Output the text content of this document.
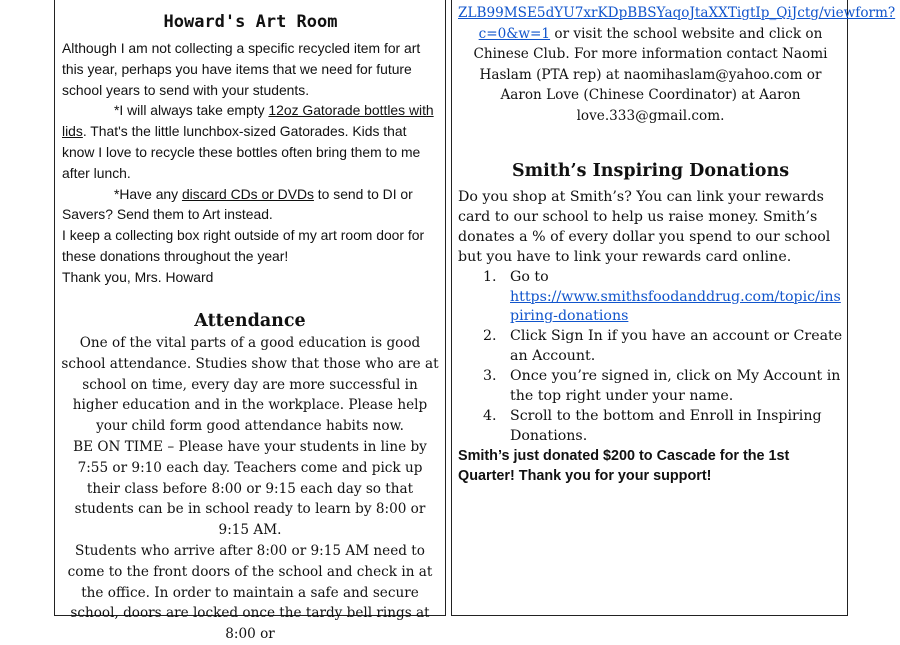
Howard's Art Room

Although I am not collecting a specific recycled item for art this year, perhaps you have items that we need for future school years to send with your students.

*I will always take empty 12oz Gatorade bottles with lids. That's the little lunchbox-sized Gatorades. Kids that know I love to recycle these bottles often bring them to me after lunch.

*Have any discard CDs or DVDs to send to DI or Savers? Send them to Art instead.

I keep a collecting box right outside of my art room door for these donations throughout the year!

Thank you, Mrs. Howard

Attendance

One of the vital parts of a good education is good school attendance. Studies show that those who are at school on time, every day are more successful in higher education and in the workplace. Please help your child form good attendance habits now.

BE ON TIME – Please have your students in line by 7:55 or 9:10 each day. Teachers come and pick up their class before 8:00 or 9:15 each day so that students can be in school ready to learn by 8:00 or 9:15 AM.

Students who arrive after 8:00 or 9:15 AM need to come to the front doors of the school and check in at the office. In order to maintain a safe and secure school, doors are locked once the tardy bell rings at 8:00 or

ZLB99MSE5dYU7xrKDpBBSYaqoJtaXXTigtIp_QiJctg/viewform?c=0&w=1 or visit the school website and click on Chinese Club. For more information contact Naomi Haslam (PTA rep) at naomihaslam@yahoo.com or Aaron Love (Chinese Coordinator) at Aaron love.333@gmail.com.

Smith’s Inspiring Donations

Do you shop at Smith’s? You can link your rewards card to our school to help us raise money. Smith’s donates a % of every dollar you spend to our school but you have to link your rewards card online.

1. Go to
https://www.smithsfoodanddrug.com/topic/inspiring-donations
2. Click Sign In if you have an account or Create an Account.
3. Once you’re signed in, click on My Account in the top right under your name.
4. Scroll to the bottom and Enroll in Inspiring Donations.

Smith’s just donated $200 to Cascade for the 1st Quarter! Thank you for your support!
